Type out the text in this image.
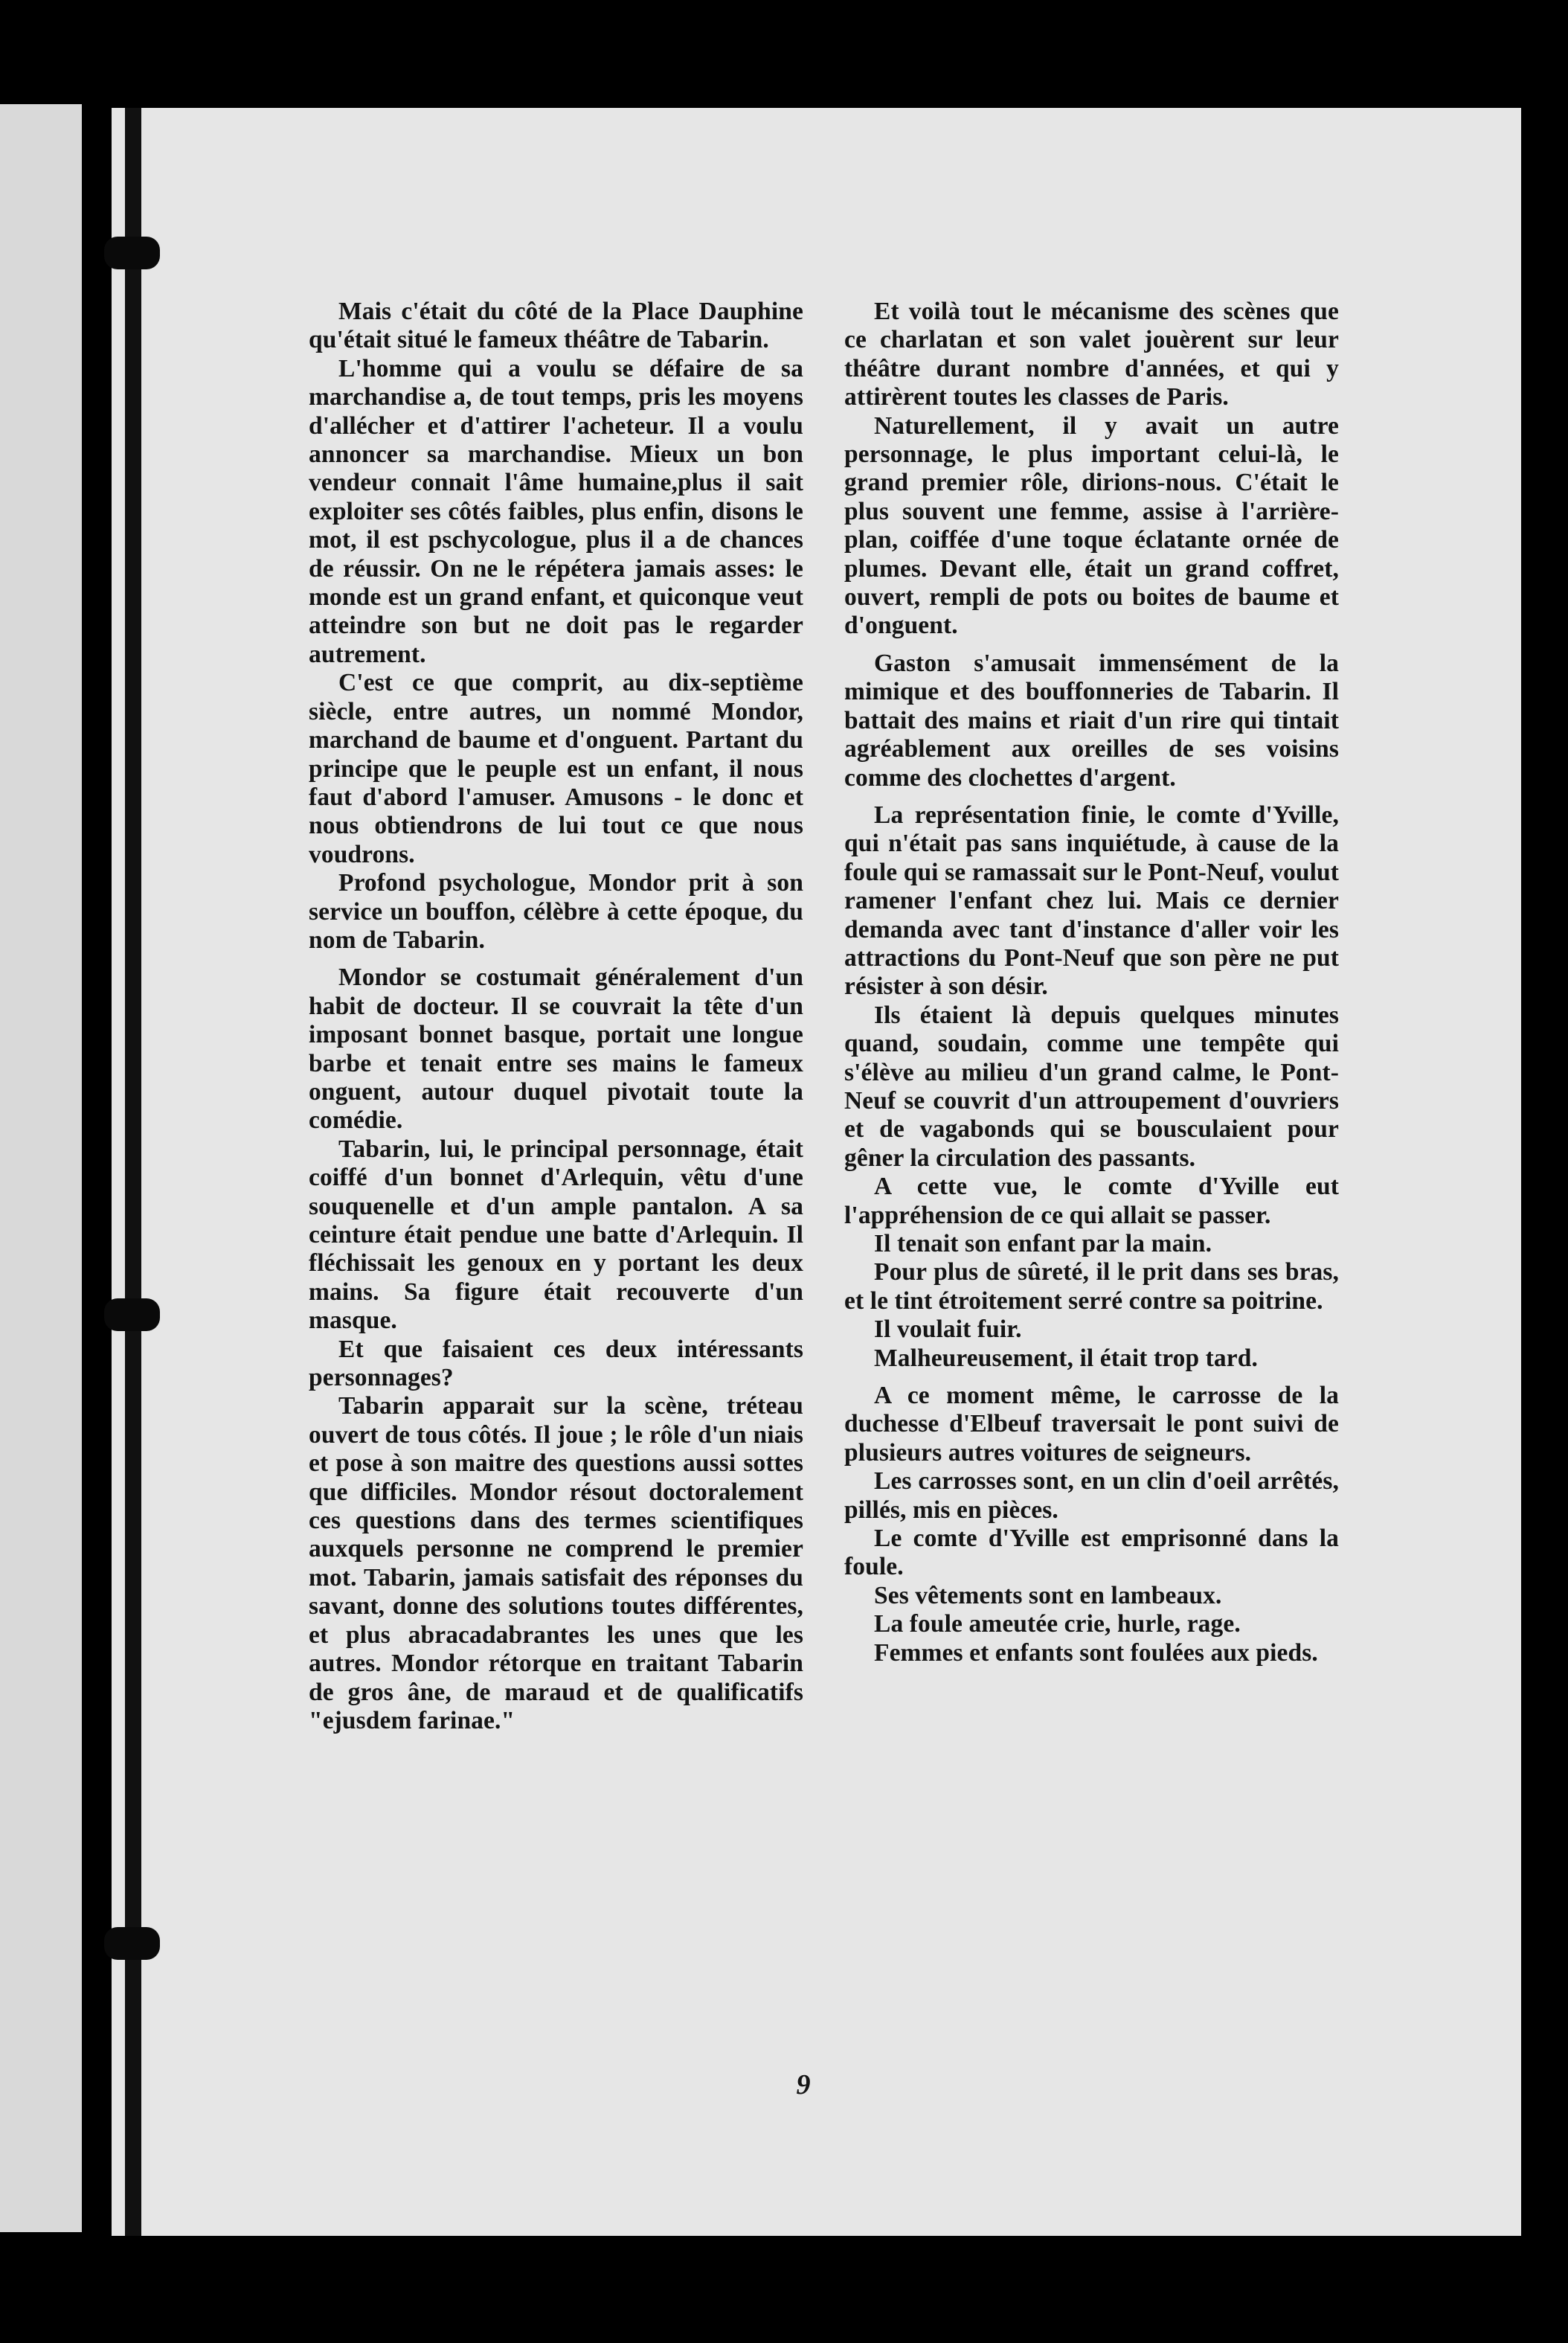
Mais c'était du côté de la Place Dauphine qu'était situé le fameux théâtre de Tabarin.

L'homme qui a voulu se défaire de sa marchandise a, de tout temps, pris les moyens d'allécher et d'attirer l'acheteur. Il a voulu annoncer sa marchandise. Mieux un bon vendeur connait l'âme humaine,plus il sait exploiter ses côtés faibles, plus enfin, disons le mot, il est pschycologue, plus il a de chances de réussir. On ne le répétera jamais asses: le monde est un grand enfant, et quiconque veut atteindre son but ne doit pas le regarder autrement.

C'est ce que comprit, au dix-septième siècle, entre autres, un nommé Mondor, marchand de baume et d'onguent. Partant du principe que le peuple est un enfant, il nous faut d'abord l'amuser. Amusons - le donc et nous obtiendrons de lui tout ce que nous voudrons.

Profond psychologue, Mondor prit à son service un bouffon, célèbre à cette époque, du nom de Tabarin.

Mondor se costumait généralement d'un habit de docteur. Il se couvrait la tête d'un imposant bonnet basque, portait une longue barbe et tenait entre ses mains le fameux onguent, autour duquel pivotait toute la comédie.

Tabarin, lui, le principal personnage, était coiffé d'un bonnet d'Arlequin, vêtu d'une souquenelle et d'un ample pantalon. A sa ceinture était pendue une batte d'Arlequin. Il fléchissait les genoux en y portant les deux mains. Sa figure était recouverte d'un masque.

Et que faisaient ces deux intéressants personnages?

Tabarin apparait sur la scène, tréteau ouvert de tous côtés. Il joue ; le rôle d'un niais et pose à son maitre des questions aussi sottes que difficiles. Mondor résout doctoralement ces questions dans des termes scientifiques auxquels personne ne comprend le premier mot. Tabarin, jamais satisfait des réponses du savant, donne des solutions toutes différentes, et plus abracadabrantes les unes que les autres. Mondor rétorque en traitant Tabarin de gros âne, de maraud et de qualificatifs "ejusdem farinae."

Et voilà tout le mécanisme des scènes que ce charlatan et son valet jouèrent sur leur théâtre durant nombre d'années, et qui y attirèrent toutes les classes de Paris.

Naturellement, il y avait un autre personnage, le plus important celui-là, le grand premier rôle, dirions-nous. C'était le plus souvent une femme, assise à l'arrière-plan, coiffée d'une toque éclatante ornée de plumes. Devant elle, était un grand coffret, ouvert, rempli de pots ou boites de baume et d'onguent.

Gaston s'amusait immensément de la mimique et des bouffonneries de Tabarin. Il battait des mains et riait d'un rire qui tintait agréablement aux oreilles de ses voisins comme des clochettes d'argent.

La représentation finie, le comte d'Yville, qui n'était pas sans inquiétude, à cause de la foule qui se ramassait sur le Pont-Neuf, voulut ramener l'enfant chez lui. Mais ce dernier demanda avec tant d'instance d'aller voir les attractions du Pont-Neuf que son père ne put résister à son désir.

Ils étaient là depuis quelques minutes quand, soudain, comme une tempête qui s'élève au milieu d'un grand calme, le Pont-Neuf se couvrit d'un attroupement d'ouvriers et de vagabonds qui se bousculaient pour gêner la circulation des passants.

A cette vue, le comte d'Yville eut l'appréhension de ce qui allait se passer.

Il tenait son enfant par la main.

Pour plus de sûreté, il le prit dans ses bras, et le tint étroitement serré contre sa poitrine.

Il voulait fuir.

Malheureusement, il était trop tard.

A ce moment même, le carrosse de la duchesse d'Elbeuf traversait le pont suivi de plusieurs autres voitures de seigneurs.

Les carrosses sont, en un clin d'oeil arrêtés, pillés, mis en pièces.

Le comte d'Yville est emprisonné dans la foule.

Ses vêtements sont en lambeaux.

La foule ameutée crie, hurle, rage.

Femmes et enfants sont foulées aux pieds.

9
